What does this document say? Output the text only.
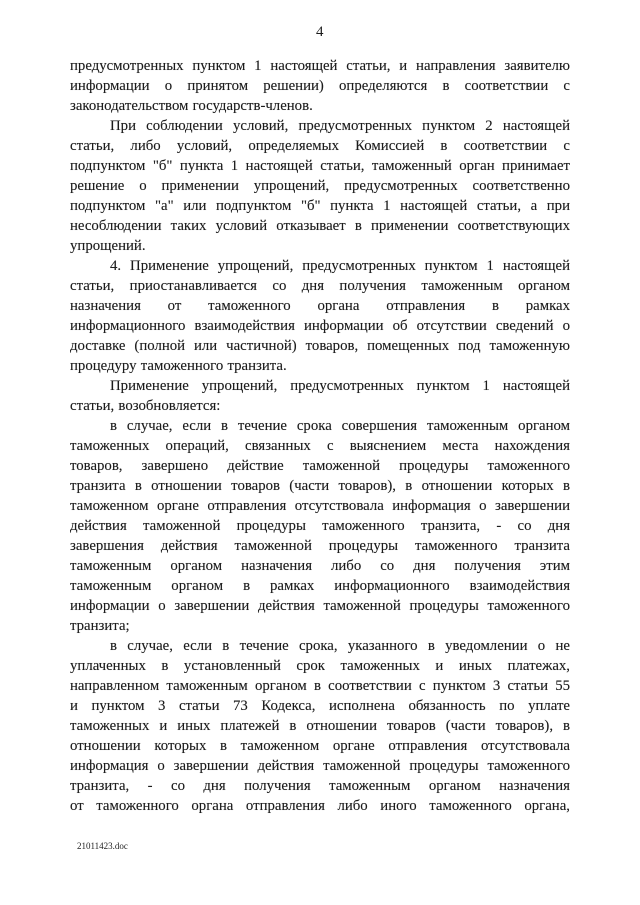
4
предусмотренных пунктом 1 настоящей статьи, и направления заявителю
информации о принятом решении) определяются в соответствии с
законодательством государств-членов.
При соблюдении условий, предусмотренных пунктом 2 настоящей
статьи, либо условий, определяемых Комиссией в соответствии с
подпунктом "б" пункта 1 настоящей статьи, таможенный орган принимает
решение о применении упрощений, предусмотренных соответственно
подпунктом "а" или подпунктом "б" пункта 1 настоящей статьи, а при
несоблюдении таких условий отказывает в применении соответствующих
упрощений.
4. Применение упрощений, предусмотренных пунктом 1 настоящей
статьи, приостанавливается со дня получения таможенным органом
назначения от таможенного органа отправления в рамках
информационного взаимодействия информации об отсутствии сведений о
доставке (полной или частичной) товаров, помещенных под таможенную
процедуру таможенного транзита.
Применение упрощений, предусмотренных пунктом 1 настоящей
статьи, возобновляется:
в случае, если в течение срока совершения таможенным органом
таможенных операций, связанных с выяснением места нахождения
товаров, завершено действие таможенной процедуры таможенного
транзита в отношении товаров (части товаров), в отношении которых в
таможенном органе отправления отсутствовала информация о завершении
действия таможенной процедуры таможенного транзита, - со дня
завершения действия таможенной процедуры таможенного транзита
таможенным органом назначения либо со дня получения этим
таможенным органом в рамках информационного взаимодействия
информации о завершении действия таможенной процедуры таможенного
транзита;
в случае, если в течение срока, указанного в уведомлении о не
уплаченных в установленный срок таможенных и иных платежах,
направленном таможенным органом в соответствии с пунктом 3 статьи 55
и пунктом 3 статьи 73 Кодекса, исполнена обязанность по уплате
таможенных и иных платежей в отношении товаров (части товаров), в
отношении которых в таможенном органе отправления отсутствовала
информация о завершении действия таможенной процедуры таможенного
транзита, - со дня получения таможенным органом назначения
от таможенного органа отправления либо иного таможенного органа,
21011423.doc
